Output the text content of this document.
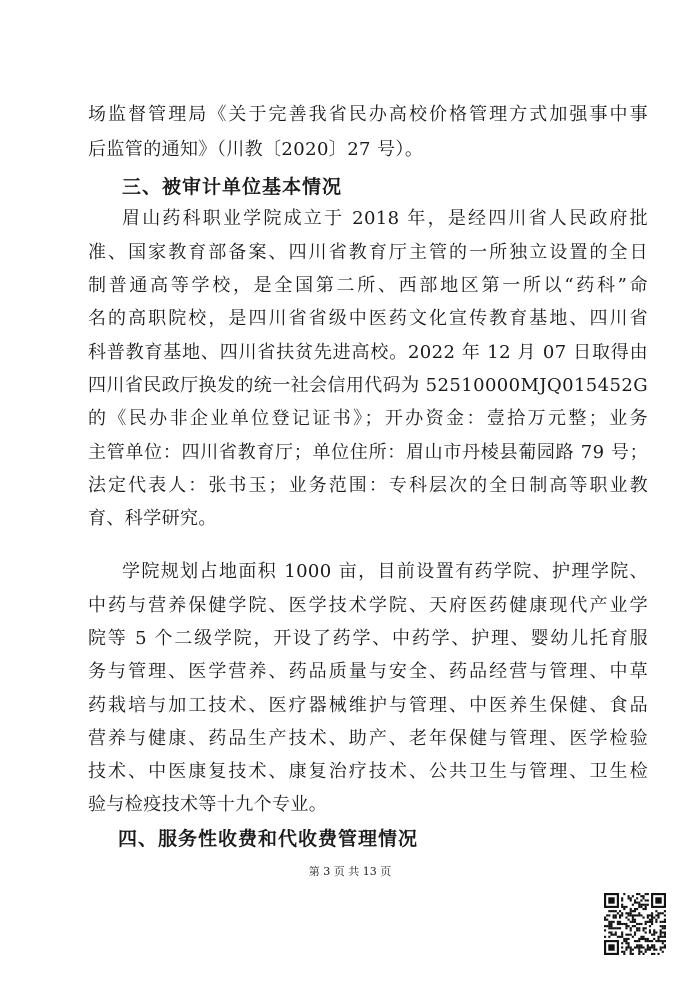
场监督管理局《关于完善我省民办高校价格管理方式加强事中事
后监管的通知》（川教〔2020〕27 号）。
三、被审计单位基本情况
眉山药科职业学院成立于 2018 年，是经四川省人民政府批
准、国家教育部备案、四川省教育厅主管的一所独立设置的全日
制普通高等学校，是全国第二所、西部地区第一所以“药科”命
名的高职院校，是四川省省级中医药文化宣传教育基地、四川省
科普教育基地、四川省扶贫先进高校。2022 年 12 月 07 日取得由
四川省民政厅换发的统一社会信用代码为 52510000MJQ015452G
的《民办非企业单位登记证书》；开办资金：壹拾万元整；业务
主管单位：四川省教育厅；单位住所：眉山市丹棱县葡园路 79 号；
法定代表人：张书玉；业务范围：专科层次的全日制高等职业教
育、科学研究。
学院规划占地面积 1000 亩，目前设置有药学院、护理学院、
中药与营养保健学院、医学技术学院、天府医药健康现代产业学
院等 5 个二级学院，开设了药学、中药学、护理、婴幼儿托育服
务与管理、医学营养、药品质量与安全、药品经营与管理、中草
药栽培与加工技术、医疗器械维护与管理、中医养生保健、食品
营养与健康、药品生产技术、助产、老年保健与管理、医学检验
技术、中医康复技术、康复治疗技术、公共卫生与管理、卫生检
验与检疫技术等十九个专业。
四、服务性收费和代收费管理情况
第 3 页 共 13 页
